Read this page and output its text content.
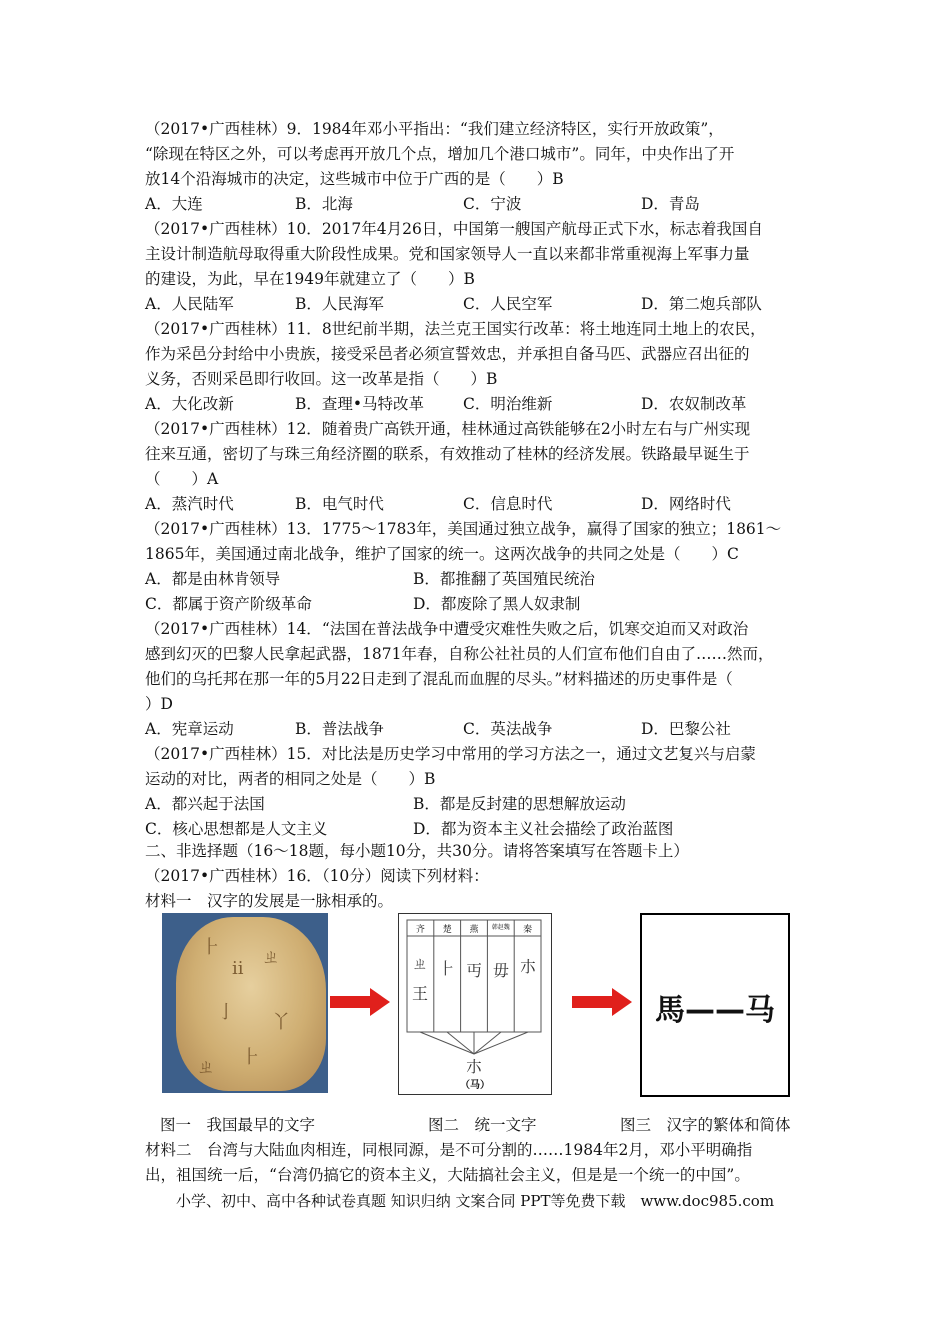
（2017•广西桂林）9．1984年邓小平指出：“我们建立经济特区，实行开放政策”，
“除现在特区之外，可以考虑再开放几个点，增加几个港口城市”。同年，中央作出了开
放14个沿海城市的决定，这些城市中位于广西的是（　　）B
A．大连	B．北海	C．宁波	D．青岛
（2017•广西桂林）10．2017年4月26日，中国第一艘国产航母正式下水，标志着我国自
主设计制造航母取得重大阶段性成果。党和国家领导人一直以来都非常重视海上军事力量
的建设，为此，早在1949年就建立了（　　）B
A．人民陆军	B．人民海军	C．人民空军	D．第二炮兵部队
（2017•广西桂林）11．8世纪前半期，法兰克王国实行改革：将土地连同土地上的农民，
作为采邑分封给中小贵族，接受采邑者必须宣誓效忠，并承担自备马匹、武器应召出征的
义务，否则采邑即行收回。这一改革是指（　　）B
A．大化改新	B．查理•马特改革	C．明治维新	D．农奴制改革
（2017•广西桂林）12．随着贵广高铁开通，桂林通过高铁能够在2小时左右与广州实现
往来互通，密切了与珠三角经济圈的联系，有效推动了桂林的经济发展。铁路最早诞生于
（　　）A
A．蒸汽时代	B．电气时代	C．信息时代	D．网络时代
（2017•广西桂林）13．1775～1783年，美国通过独立战争，赢得了国家的独立；1861～
1865年，美国通过南北战争，维护了国家的统一。这两次战争的共同之处是（　　）C
A．都是由林肯领导	B．都推翻了英国殖民统治
C．都属于资产阶级革命	D．都废除了黑人奴隶制
（2017•广西桂林）14．“法国在普法战争中遭受灾难性失败之后，饥寒交迫而又对政治
感到幻灭的巴黎人民拿起武器，1871年春，自称公社社员的人们宣布他们自由了……然而，
他们的乌托邦在那一年的5月22日走到了混乱而血腥的尽头。”材料描述的历史事件是（
）D
A．宪章运动	B．普法战争	C．英法战争	D．巴黎公社
（2017•广西桂林）15．对比法是历史学习中常用的学习方法之一，通过文艺复兴与启蒙
运动的对比，两者的相同之处是（　　）B
A．都兴起于法国	B．都是反封建的思想解放运动
C．核心思想都是人文主义	D．都为资本主义社会描绘了政治蓝图
二、非选择题（16～18题，每小题10分，共30分。请将答案填写在答题卡上）
（2017•广西桂林）16．（10分）阅读下列材料：
材料一　汉字的发展是一脉相承的。
⺊
ⅱ
ㄓ
亅 丫
⺊
ㄓ
ㄓ
王
⺊ 丏 毋 朩
朩
齐	楚	燕	韩赵魏	秦
（马）
馬——马
图一　我国最早的文字	图二　统一文字	图三　汉字的繁体和简体
材料二　台湾与大陆血肉相连，同根同源，是不可分割的……1984年2月，邓小平明确指
出，祖国统一后，“台湾仍搞它的资本主义，大陆搞社会主义，但是是一个统一的中国”。
小学、初中、高中各种试卷真题 知识归纳 文案合同 PPT等免费下载　www.doc985.com
